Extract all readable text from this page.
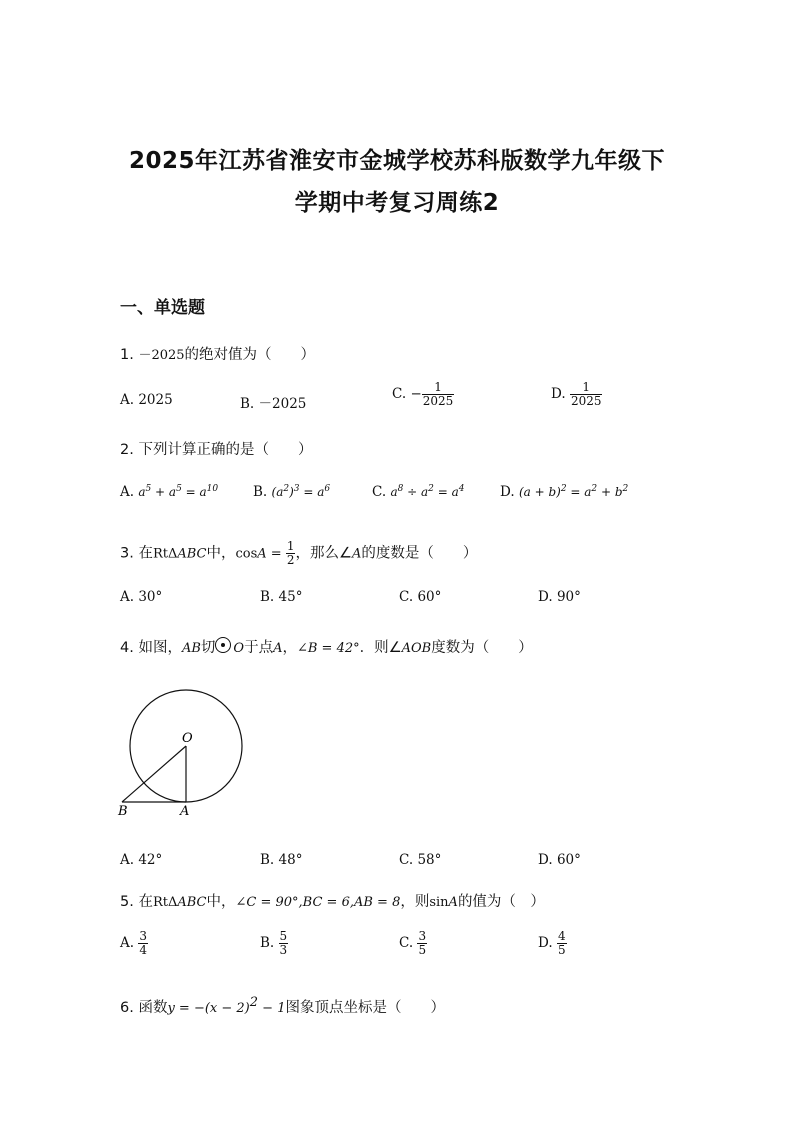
2025年江苏省淮安市金城学校苏科版数学九年级下
学期中考复习周练2
一、单选题
1. －2025的绝对值为（　　）
A. 2025	B. －2025
C. − $\frac{1}{2025}$	D. $\frac{1}{2025}$
2. 下列计算正确的是（　　）
A. $a^5 + a^5 = a^{10}$	B. $(a^2)^3 = a^6$	C. $a^8 \div a^2 = a^4$	D. $(a + b)^2 = a^2 + b^2$
3. 在RtΔABC中，$\cos A = \frac{1}{2}$ ，那么∠A的度数是（　　）
A. 30°	B. 45°	C. 60°	D. 90°
4. 如图，AB切 O于点A，∠B = 42°．则∠AOB度数为（　　）
O
B	A
A. 42°	B. 48°	C. 58°	D. 60°
5. 在RtΔABC中，∠C = 90°,BC = 6,AB = 8，则sinA的值为（　）
A. $\frac{3}{4}$	B. $\frac{5}{3}$	C. $\frac{3}{5}$	D. $\frac{4}{5}$
6. 函数$y = -(x - 2)^2 - 1$图象顶点坐标是（　　）
